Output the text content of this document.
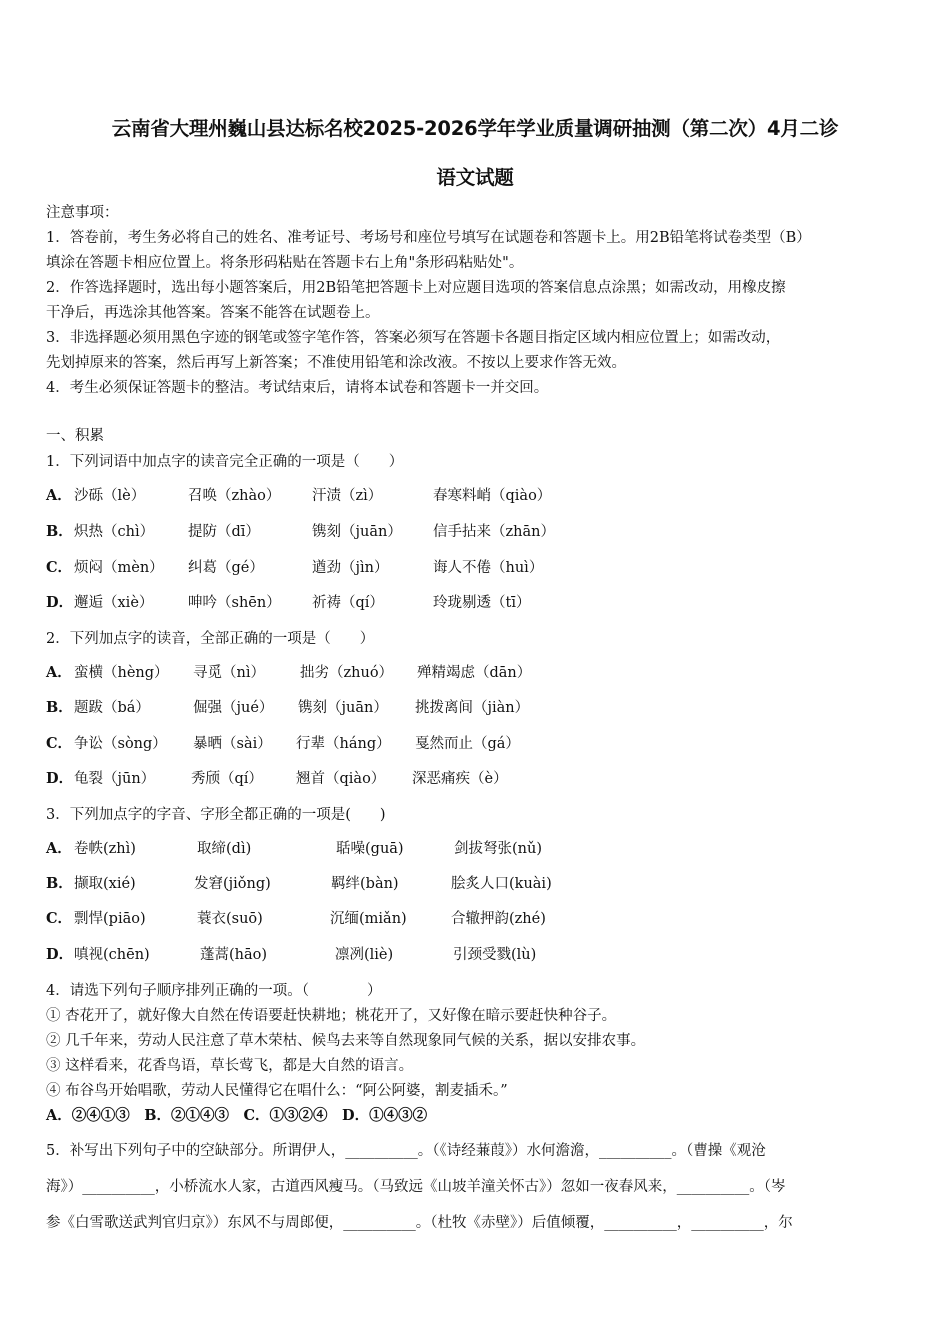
云南省大理州巍山县达标名校2025-2026学年学业质量调研抽测（第二次）4月二诊
语文试题
注意事项：
1．答卷前，考生务必将自己的姓名、准考证号、考场号和座位号填写在试题卷和答题卡上。用2B铅笔将试卷类型（B）
填涂在答题卡相应位置上。将条形码粘贴在答题卡右上角"条形码粘贴处"。
2．作答选择题时，选出每小题答案后，用2B铅笔把答题卡上对应题目选项的答案信息点涂黑；如需改动，用橡皮擦
干净后，再选涂其他答案。答案不能答在试题卷上。
3．非选择题必须用黑色字迹的钢笔或签字笔作答，答案必须写在答题卡各题目指定区域内相应位置上；如需改动，
先划掉原来的答案，然后再写上新答案；不准使用铅笔和涂改液。不按以上要求作答无效。
4．考生必须保证答题卡的整洁。考试结束后，请将本试卷和答题卡一并交回。
一、积累
1．下列词语中加点字的读音完全正确的一项是（　　）
A． 沙砾（lè）	召唤（zhào） 汗渍（zì）	春寒料峭（qiào）
B． 炽热（chì） 提防（dī）	镌刻（juān） 信手拈来（zhān）
C． 烦闷（mèn） 纠葛（gé）	遒劲（jìn）	诲人不倦（huì）
D． 邂逅（xiè） 呻吟（shēn） 祈祷（qí）	玲珑剔透（tī）
2．下列加点字的读音，全部正确的一项是（　　）
A． 蛮横（hèng） 寻觅（nì） 拙劣（zhuó） 殚精竭虑（dān）
B． 题跋（bá）	倔强（jué） 镌刻（juān） 挑拨离间（jiàn）
C． 争讼（sòng） 暴晒（sài） 行辈（háng） 戛然而止（gá）
D． 龟裂（jūn） 秀颀（qí） 翘首（qiào） 深恶痛疾（è）
3．下列加点字的字音、字形全都正确的一项是(　　)
A． 卷帙(zhì)	取缔(dì)	聒噪(guā)	剑拔弩张(nǔ)
B． 撷取(xié)	发窘(jiǒng)	羁绊(bàn)	脍炙人口(kuài)
C． 剽悍(piāo)	蓑衣(suō)	沉缅(miǎn)	合辙押韵(zhé)
D． 嗔视(chēn)	蓬蒿(hāo)	凛冽(liè)	引颈受戮(lù)
4．请选下列句子顺序排列正确的一项。（　　　　）
① 杏花开了，就好像大自然在传语要赶快耕地；桃花开了，又好像在暗示要赶快种谷子。
② 几千年来，劳动人民注意了草木荣枯、候鸟去来等自然现象同气候的关系，据以安排农事。
③ 这样看来，花香鸟语，草长莺飞，都是大自然的语言。
④ 布谷鸟开始唱歌，劳动人民懂得它在唱什么：“阿公阿婆，割麦插禾。”
A．②④①③　B．②①④③　C．①③②④　D．①④③②
5．补写出下列句子中的空缺部分。所谓伊人，__________。（《诗经蒹葭》）水何澹澹，__________。（曹操《观沧
海》）__________，小桥流水人家，古道西风瘦马。（马致远《山坡羊潼关怀古》）忽如一夜春风来，__________。（岑
参《白雪歌送武判官归京》）东风不与周郎便，__________。（杜牧《赤壁》）后值倾覆，__________，__________，尔
